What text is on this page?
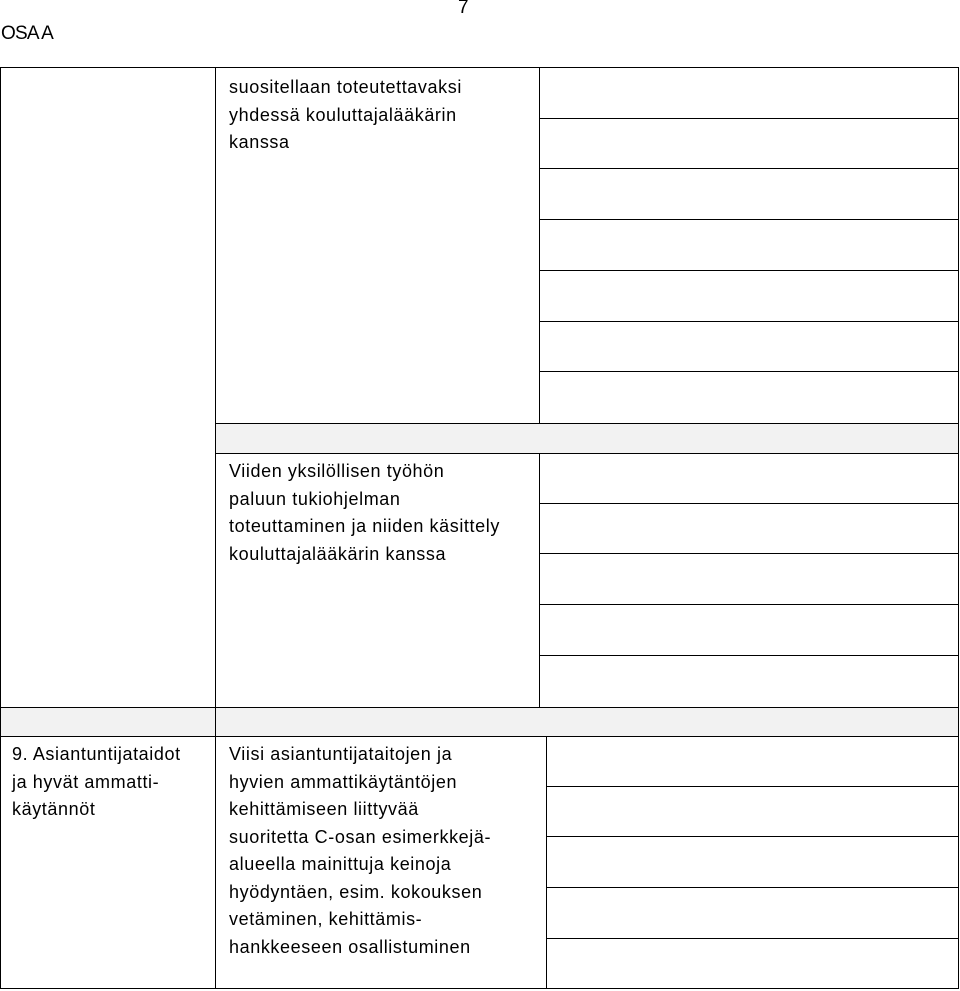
7
OSA A
suositellaan toteutettavaksi
yhdessä kouluttajalääkärin
kanssa
Viiden yksilöllisen työhön
paluun tukiohjelman
toteuttaminen ja niiden käsittely
kouluttajalääkärin kanssa
9. Asiantuntijataidot
ja hyvät ammatti-
käytännöt
Viisi asiantuntijataitojen ja
hyvien ammattikäytäntöjen
kehittämiseen liittyvää
suoritetta C-osan esimerkkejä-
alueella mainittuja keinoja
hyödyntäen, esim. kokouksen
vetäminen, kehittämis-
hankkeeseen osallistuminen
